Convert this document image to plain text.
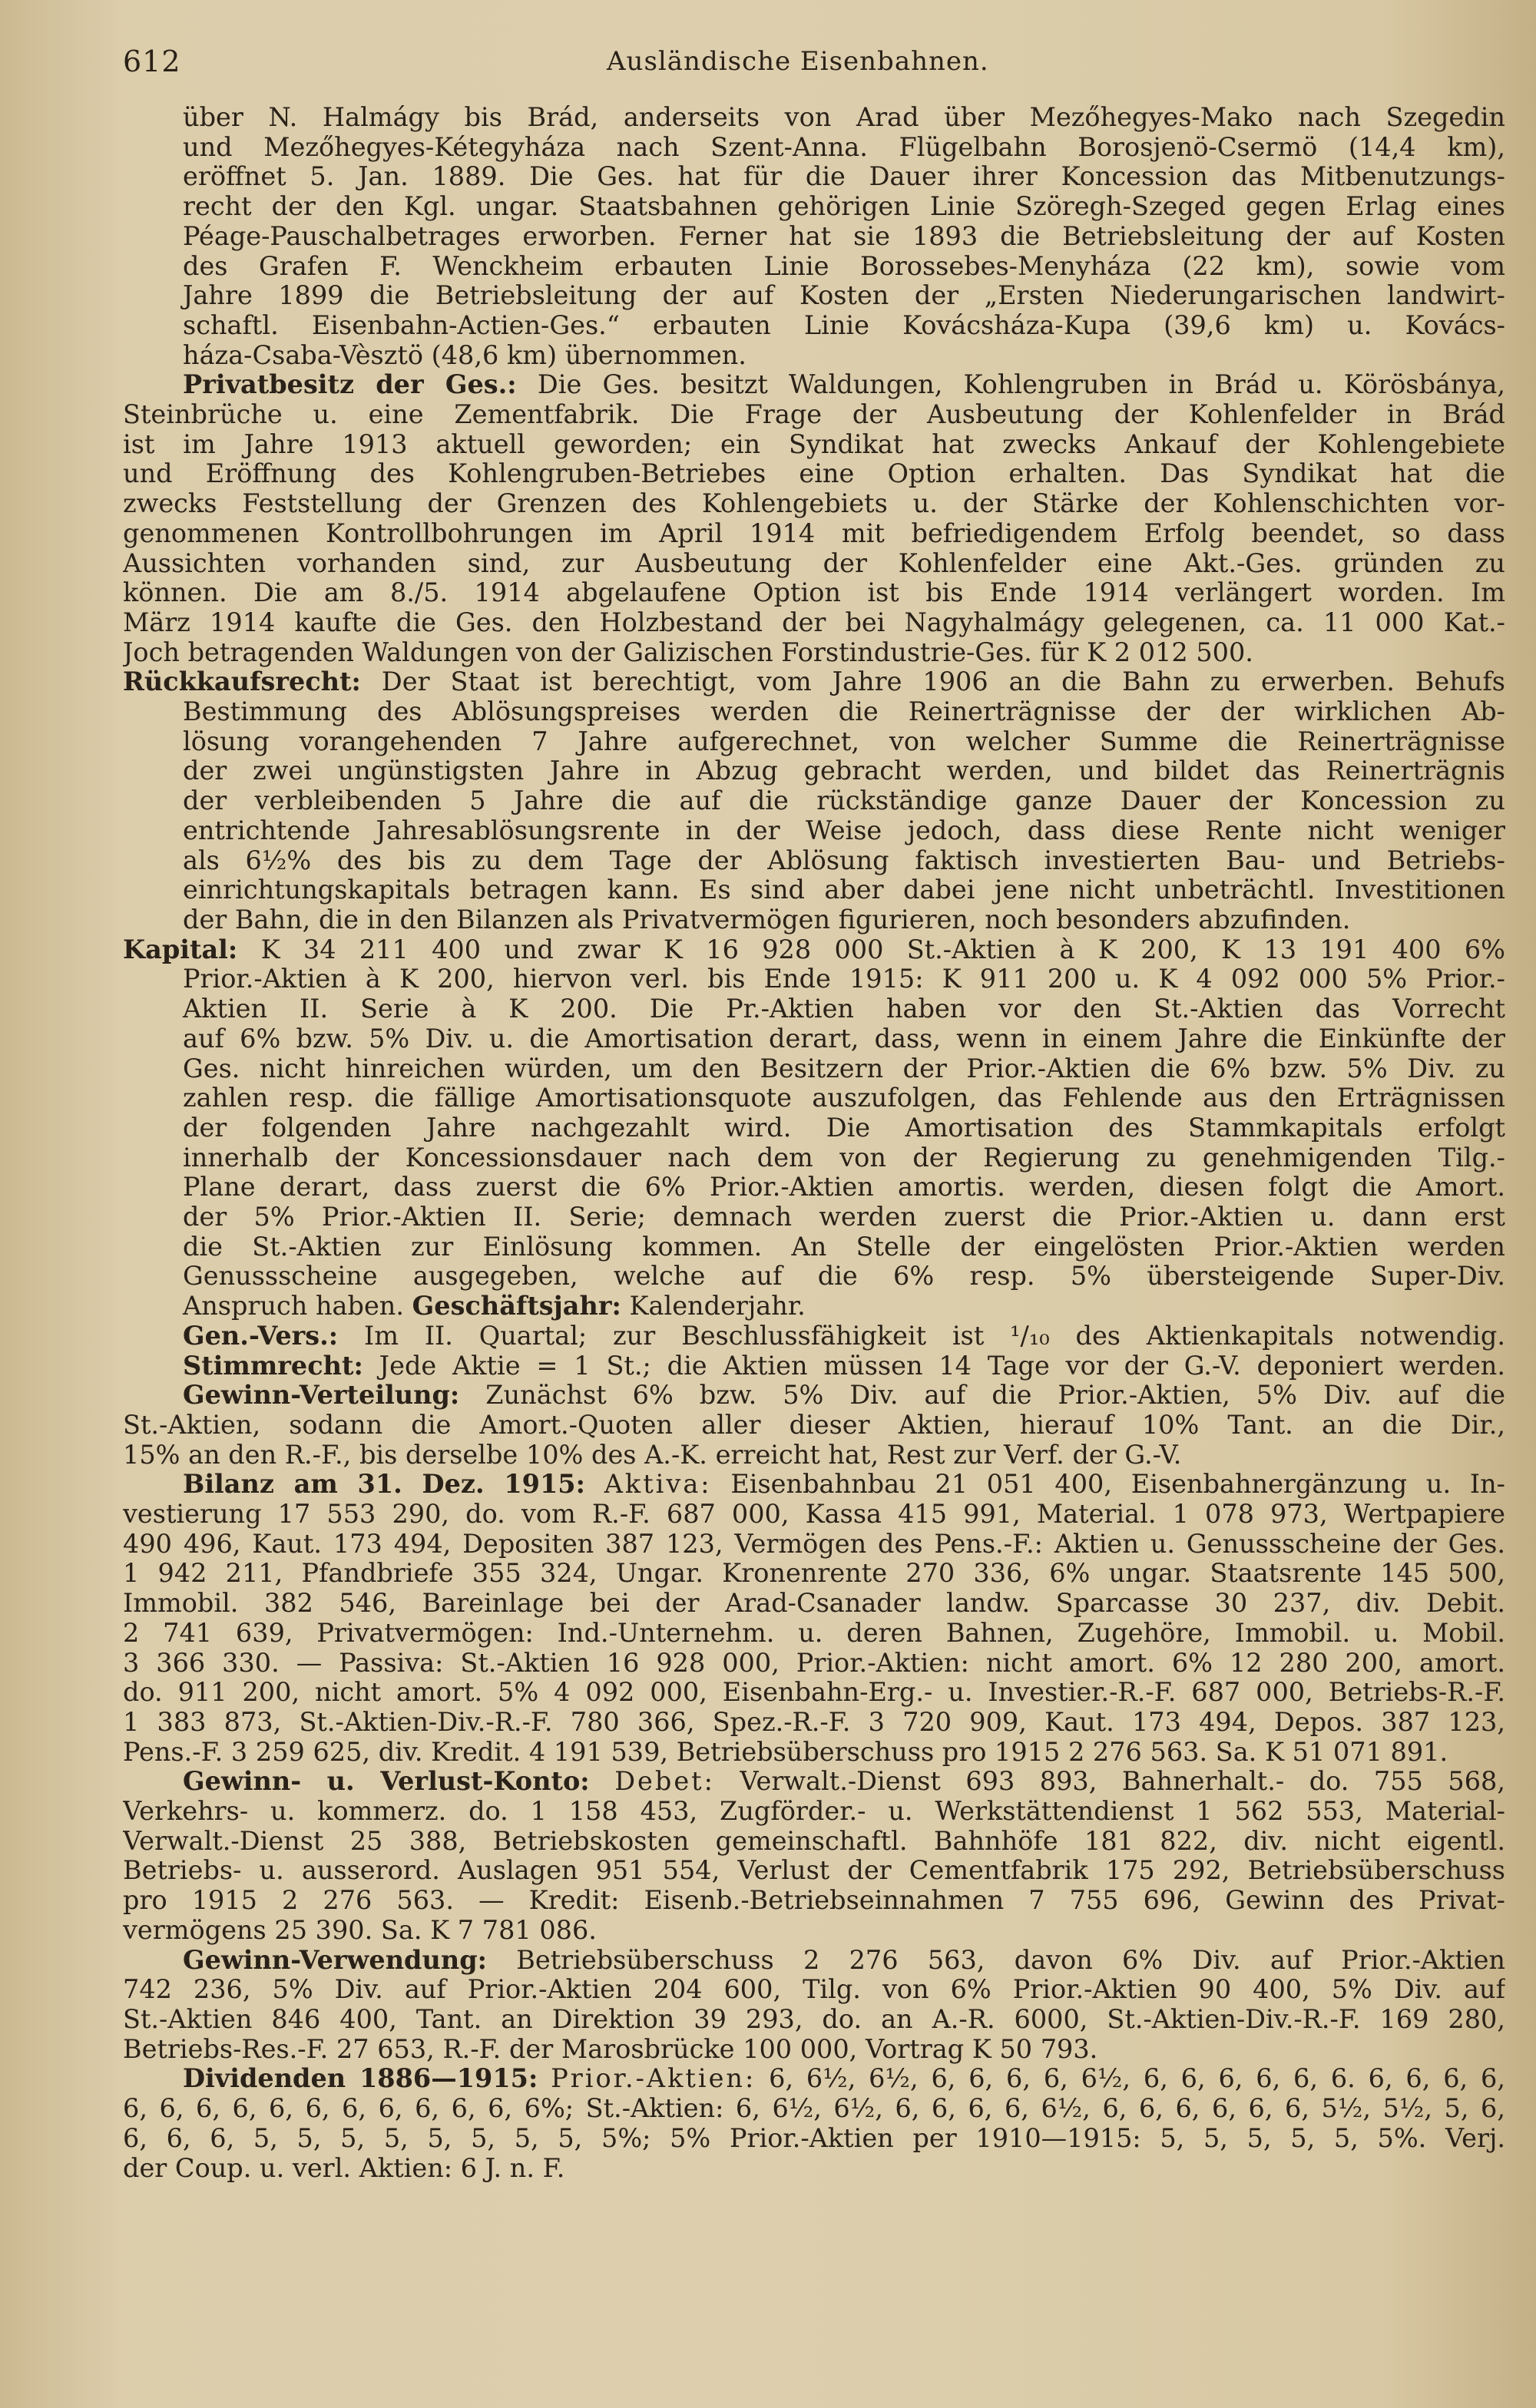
612	Ausländische Eisenbahnen.
über N. Halmágy bis Brád, anderseits von Arad über Mezőhegyes-Mako nach Szegedin
und Mezőhegyes-Kétegyháza nach Szent-Anna. Flügelbahn Borosjenö-Csermö (14,4 km),
eröffnet 5. Jan. 1889. Die Ges. hat für die Dauer ihrer Koncession das Mitbenutzungs-
recht der den Kgl. ungar. Staatsbahnen gehörigen Linie Szöregh-Szeged gegen Erlag eines
Péage-Pauschalbetrages erworben. Ferner hat sie 1893 die Betriebsleitung der auf Kosten
des Grafen F. Wenckheim erbauten Linie Borossebes-Menyháza (22 km), sowie vom
Jahre 1899 die Betriebsleitung der auf Kosten der „Ersten Niederungarischen landwirt-
schaftl. Eisenbahn-Actien-Ges.“ erbauten Linie Kovácsháza-Kupa (39,6 km) u. Kovács-
háza-Csaba-Vèsztö (48,6 km) übernommen.
Privatbesitz der Ges.: Die Ges. besitzt Waldungen, Kohlengruben in Brád u. Körösbánya,
Steinbrüche u. eine Zementfabrik. Die Frage der Ausbeutung der Kohlenfelder in Brád
ist im Jahre 1913 aktuell geworden; ein Syndikat hat zwecks Ankauf der Kohlengebiete
und Eröffnung des Kohlengruben-Betriebes eine Option erhalten. Das Syndikat hat die
zwecks Feststellung der Grenzen des Kohlengebiets u. der Stärke der Kohlenschichten vor-
genommenen Kontrollbohrungen im April 1914 mit befriedigendem Erfolg beendet, so dass
Aussichten vorhanden sind, zur Ausbeutung der Kohlenfelder eine Akt.-Ges. gründen zu
können. Die am 8./5. 1914 abgelaufene Option ist bis Ende 1914 verlängert worden. Im
März 1914 kaufte die Ges. den Holzbestand der bei Nagyhalmágy gelegenen, ca. 11 000 Kat.-
Joch betragenden Waldungen von der Galizischen Forstindustrie-Ges. für K 2 012 500.
Rückkaufsrecht: Der Staat ist berechtigt, vom Jahre 1906 an die Bahn zu erwerben. Behufs
Bestimmung des Ablösungspreises werden die Reinerträgnisse der der wirklichen Ab-
lösung vorangehenden 7 Jahre aufgerechnet, von welcher Summe die Reinerträgnisse
der zwei ungünstigsten Jahre in Abzug gebracht werden, und bildet das Reinerträgnis
der verbleibenden 5 Jahre die auf die rückständige ganze Dauer der Koncession zu
entrichtende Jahresablösungsrente in der Weise jedoch, dass diese Rente nicht weniger
als 6½% des bis zu dem Tage der Ablösung faktisch investierten Bau- und Betriebs-
einrichtungskapitals betragen kann. Es sind aber dabei jene nicht unbeträchtl. Investitionen
der Bahn, die in den Bilanzen als Privatvermögen figurieren, noch besonders abzufinden.
Kapital: K 34 211 400 und zwar K 16 928 000 St.-Aktien à K 200, K 13 191 400 6%
Prior.-Aktien à K 200, hiervon verl. bis Ende 1915: K 911 200 u. K 4 092 000 5% Prior.-
Aktien II. Serie à K 200. Die Pr.-Aktien haben vor den St.-Aktien das Vorrecht
auf 6% bzw. 5% Div. u. die Amortisation derart, dass, wenn in einem Jahre die Einkünfte der
Ges. nicht hinreichen würden, um den Besitzern der Prior.-Aktien die 6% bzw. 5% Div. zu
zahlen resp. die fällige Amortisationsquote auszufolgen, das Fehlende aus den Erträgnissen
der folgenden Jahre nachgezahlt wird. Die Amortisation des Stammkapitals erfolgt
innerhalb der Koncessionsdauer nach dem von der Regierung zu genehmigenden Tilg.-
Plane derart, dass zuerst die 6% Prior.-Aktien amortis. werden, diesen folgt die Amort.
der 5% Prior.-Aktien II. Serie; demnach werden zuerst die Prior.-Aktien u. dann erst
die St.-Aktien zur Einlösung kommen. An Stelle der eingelösten Prior.-Aktien werden
Genussscheine ausgegeben, welche auf die 6% resp. 5% übersteigende Super-Div.
Anspruch haben. Geschäftsjahr: Kalenderjahr.
Gen.-Vers.: Im II. Quartal; zur Beschlussfähigkeit ist ¹/₁₀ des Aktienkapitals notwendig.
Stimmrecht: Jede Aktie = 1 St.; die Aktien müssen 14 Tage vor der G.-V. deponiert werden.
Gewinn-Verteilung: Zunächst 6% bzw. 5% Div. auf die Prior.-Aktien, 5% Div. auf die
St.-Aktien, sodann die Amort.-Quoten aller dieser Aktien, hierauf 10% Tant. an die Dir.,
15% an den R.-F., bis derselbe 10% des A.-K. erreicht hat, Rest zur Verf. der G.-V.
Bilanz am 31. Dez. 1915: Aktiva: Eisenbahnbau 21 051 400, Eisenbahnergänzung u. In-
vestierung 17 553 290, do. vom R.-F. 687 000, Kassa 415 991, Material. 1 078 973, Wertpapiere
490 496, Kaut. 173 494, Depositen 387 123, Vermögen des Pens.-F.: Aktien u. Genussscheine der Ges.
1 942 211, Pfandbriefe 355 324, Ungar. Kronenrente 270 336, 6% ungar. Staatsrente 145 500,
Immobil. 382 546, Bareinlage bei der Arad-Csanader landw. Sparcasse 30 237, div. Debit.
2 741 639, Privatvermögen: Ind.-Unternehm. u. deren Bahnen, Zugehöre, Immobil. u. Mobil.
3 366 330. — Passiva: St.-Aktien 16 928 000, Prior.-Aktien: nicht amort. 6% 12 280 200, amort.
do. 911 200, nicht amort. 5% 4 092 000, Eisenbahn-Erg.- u. Investier.-R.-F. 687 000, Betriebs-R.-F.
1 383 873, St.-Aktien-Div.-R.-F. 780 366, Spez.-R.-F. 3 720 909, Kaut. 173 494, Depos. 387 123,
Pens.-F. 3 259 625, div. Kredit. 4 191 539, Betriebsüberschuss pro 1915 2 276 563. Sa. K 51 071 891.
Gewinn- u. Verlust-Konto: Debet: Verwalt.-Dienst 693 893, Bahnerhalt.- do. 755 568,
Verkehrs- u. kommerz. do. 1 158 453, Zugförder.- u. Werkstättendienst 1 562 553, Material-
Verwalt.-Dienst 25 388, Betriebskosten gemeinschaftl. Bahnhöfe 181 822, div. nicht eigentl.
Betriebs- u. ausserord. Auslagen 951 554, Verlust der Cementfabrik 175 292, Betriebsüberschuss
pro 1915 2 276 563. — Kredit: Eisenb.-Betriebseinnahmen 7 755 696, Gewinn des Privat-
vermögens 25 390. Sa. K 7 781 086.
Gewinn-Verwendung: Betriebsüberschuss 2 276 563, davon 6% Div. auf Prior.-Aktien
742 236, 5% Div. auf Prior.-Aktien 204 600, Tilg. von 6% Prior.-Aktien 90 400, 5% Div. auf
St.-Aktien 846 400, Tant. an Direktion 39 293, do. an A.-R. 6000, St.-Aktien-Div.-R.-F. 169 280,
Betriebs-Res.-F. 27 653, R.-F. der Marosbrücke 100 000, Vortrag K 50 793.
Dividenden 1886—1915: Prior.-Aktien: 6, 6½, 6½, 6, 6, 6, 6, 6½, 6, 6, 6, 6, 6, 6. 6, 6, 6, 6,
6, 6, 6, 6, 6, 6, 6, 6, 6, 6, 6, 6%; St.-Aktien: 6, 6½, 6½, 6, 6, 6, 6, 6½, 6, 6, 6, 6, 6, 6, 5½, 5½, 5, 6,
6, 6, 6, 5, 5, 5, 5, 5, 5, 5, 5, 5%; 5% Prior.-Aktien per 1910—1915: 5, 5, 5, 5, 5, 5%. Verj.
der Coup. u. verl. Aktien: 6 J. n. F.
